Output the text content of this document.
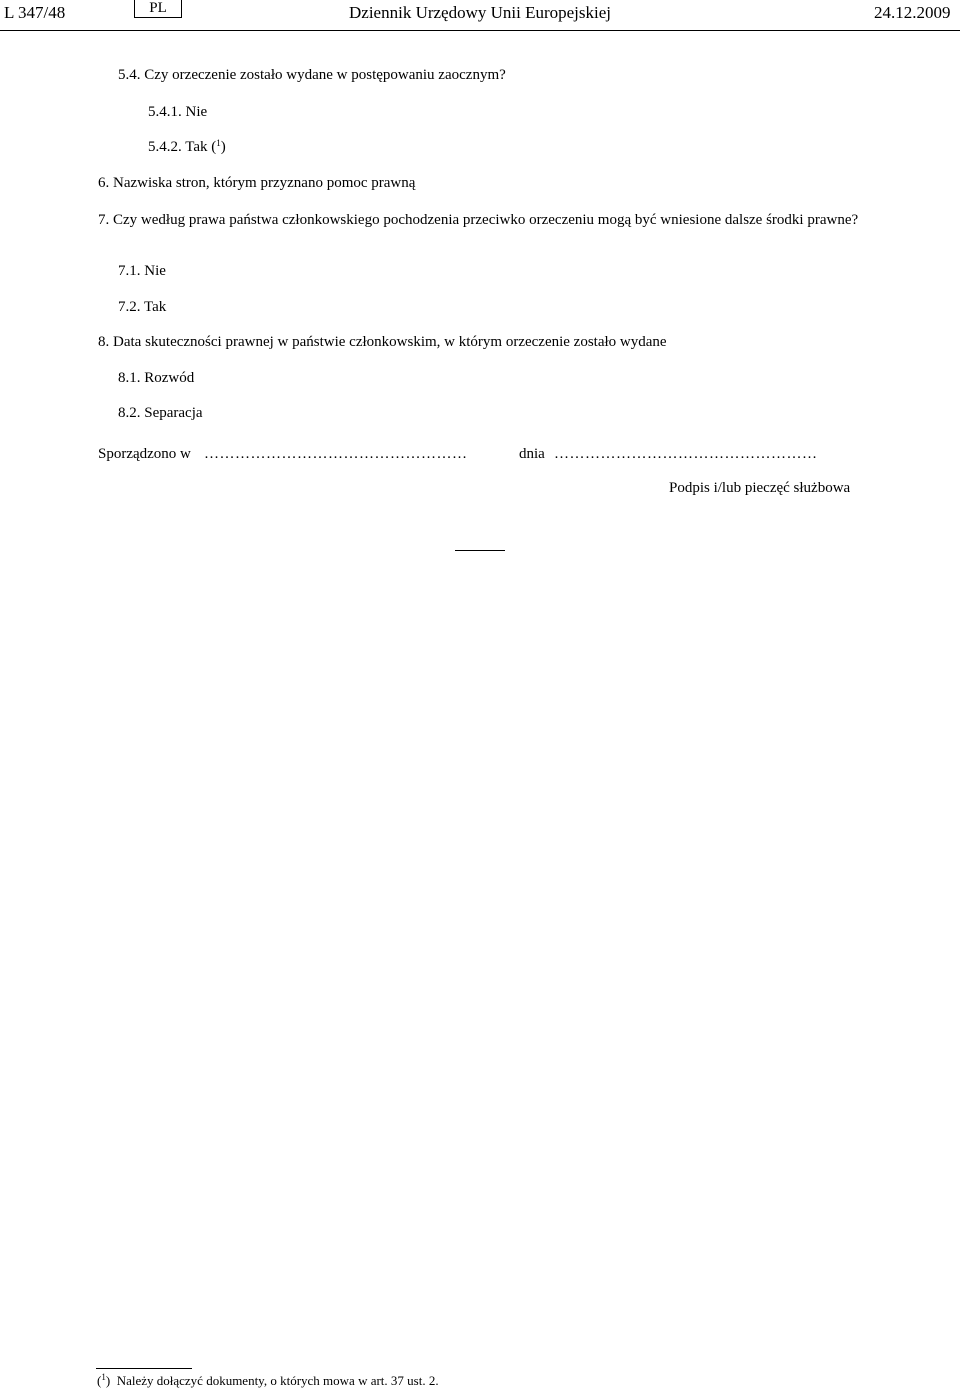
L 347/48	PL	Dziennik Urzędowy Unii Europejskiej	24.12.2009
5.4. Czy orzeczenie zostało wydane w postępowaniu zaocznym?
5.4.1. Nie
5.4.2. Tak ($^1$)
6. Nazwiska stron, którym przyznano pomoc prawną
7. Czy według prawa państwa członkowskiego pochodzenia przeciwko orzeczeniu mogą być wniesione dalsze środki prawne?
7.1. Nie
7.2. Tak
8. Data skuteczności prawnej w państwie członkowskim, w którym orzeczenie zostało wydane
8.1. Rozwód
8.2. Separacja
Sporządzono w ……………………………………………	dnia ……………………………………………
Podpis i/lub pieczęć służbowa
($^1$)  Należy dołączyć dokumenty, o których mowa w art. 37 ust. 2.
